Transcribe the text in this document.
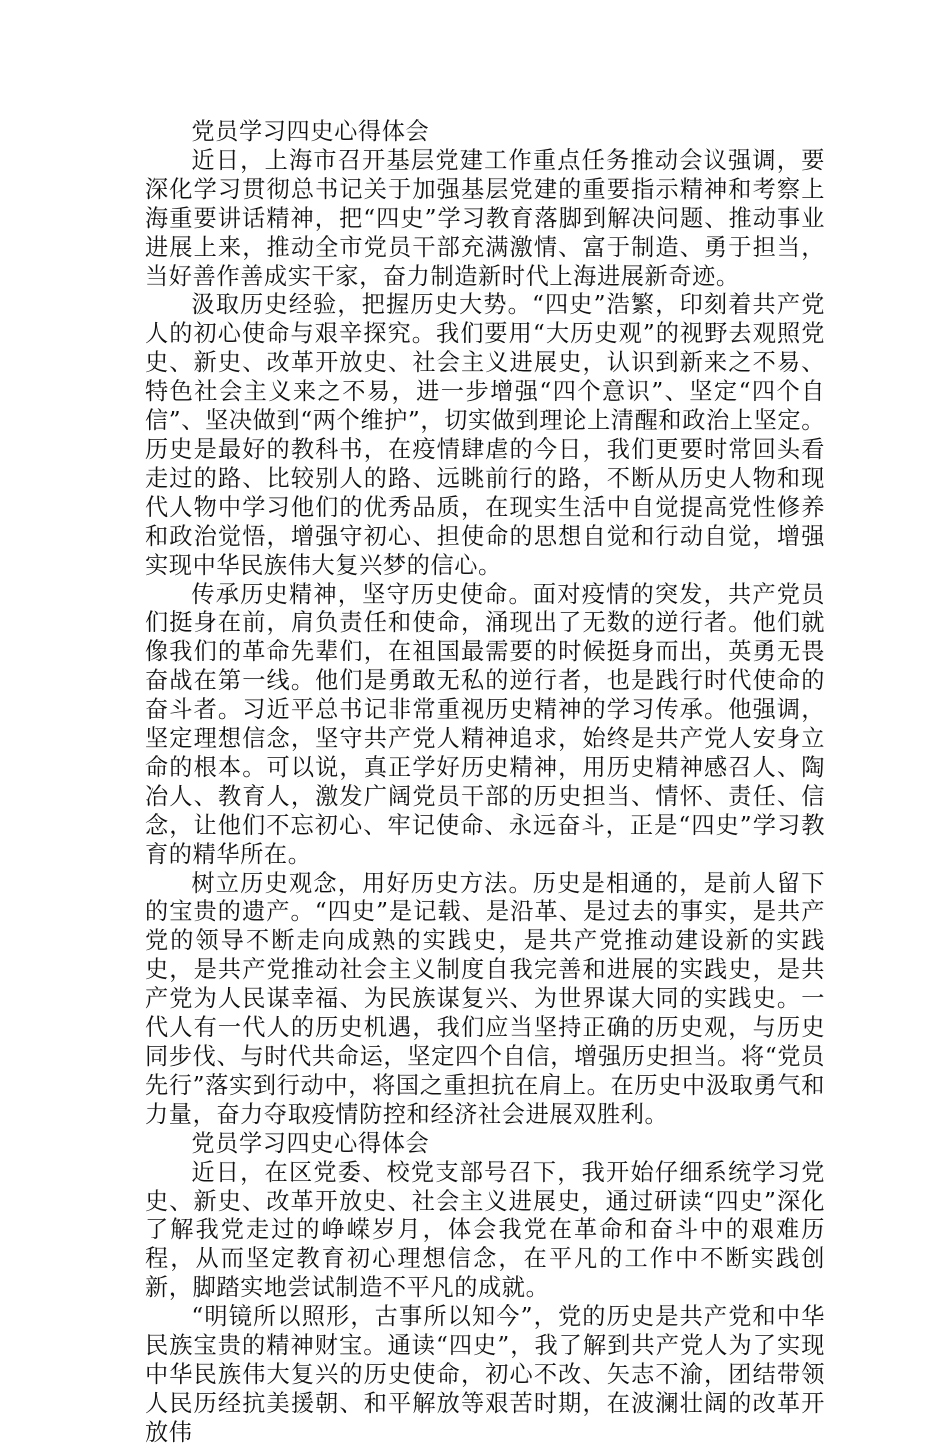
党员学习四史心得体会

近日，上海市召开基层党建工作重点任务推动会议强调，要深化学习贯彻总书记关于加强基层党建的重要指示精神和考察上海重要讲话精神，把“四史”学习教育落脚到解决问题、推动事业进展上来，推动全市党员干部充满激情、富于制造、勇于担当，当好善作善成实干家，奋力制造新时代上海进展新奇迹。

汲取历史经验，把握历史大势。“四史”浩繁，印刻着共产党人的初心使命与艰辛探究。我们要用“大历史观”的视野去观照党史、新史、改革开放史、社会主义进展史，认识到新来之不易、特色社会主义来之不易，进一步增强“四个意识”、坚定“四个自信”、坚决做到“两个维护”，切实做到理论上清醒和政治上坚定。历史是最好的教科书，在疫情肆虐的今日，我们更要时常回头看走过的路、比较别人的路、远眺前行的路，不断从历史人物和现代人物中学习他们的优秀品质，在现实生活中自觉提高党性修养和政治觉悟，增强守初心、担使命的思想自觉和行动自觉，增强实现中华民族伟大复兴梦的信心。

传承历史精神，坚守历史使命。面对疫情的突发，共产党员们挺身在前，肩负责任和使命，涌现出了无数的逆行者。他们就像我们的革命先辈们，在祖国最需要的时候挺身而出，英勇无畏奋战在第一线。他们是勇敢无私的逆行者，也是践行时代使命的奋斗者。习近平总书记非常重视历史精神的学习传承。他强调，坚定理想信念，坚守共产党人精神追求，始终是共产党人安身立命的根本。可以说，真正学好历史精神，用历史精神感召人、陶冶人、教育人，激发广阔党员干部的历史担当、情怀、责任、信念，让他们不忘初心、牢记使命、永远奋斗，正是“四史”学习教育的精华所在。

树立历史观念，用好历史方法。历史是相通的，是前人留下的宝贵的遗产。“四史”是记载、是沿革、是过去的事实，是共产党的领导不断走向成熟的实践史，是共产党推动建设新的实践史，是共产党推动社会主义制度自我完善和进展的实践史，是共产党为人民谋幸福、为民族谋复兴、为世界谋大同的实践史。一代人有一代人的历史机遇，我们应当坚持正确的历史观，与历史同步伐、与时代共命运，坚定四个自信，增强历史担当。将“党员先行”落实到行动中，将国之重担抗在肩上。在历史中汲取勇气和力量，奋力夺取疫情防控和经济社会进展双胜利。

党员学习四史心得体会

近日，在区党委、校党支部号召下，我开始仔细系统学习党史、新史、改革开放史、社会主义进展史，通过研读“四史”深化了解我党走过的峥嵘岁月，体会我党在革命和奋斗中的艰难历程，从而坚定教育初心理想信念，在平凡的工作中不断实践创新，脚踏实地尝试制造不平凡的成就。

“明镜所以照形，古事所以知今”，党的历史是共产党和中华民族宝贵的精神财宝。通读“四史”，我了解到共产党人为了实现中华民族伟大复兴的历史使命，初心不改、矢志不渝，团结带领人民历经抗美援朝、和平解放等艰苦时期，在波澜壮阔的改革开放伟
